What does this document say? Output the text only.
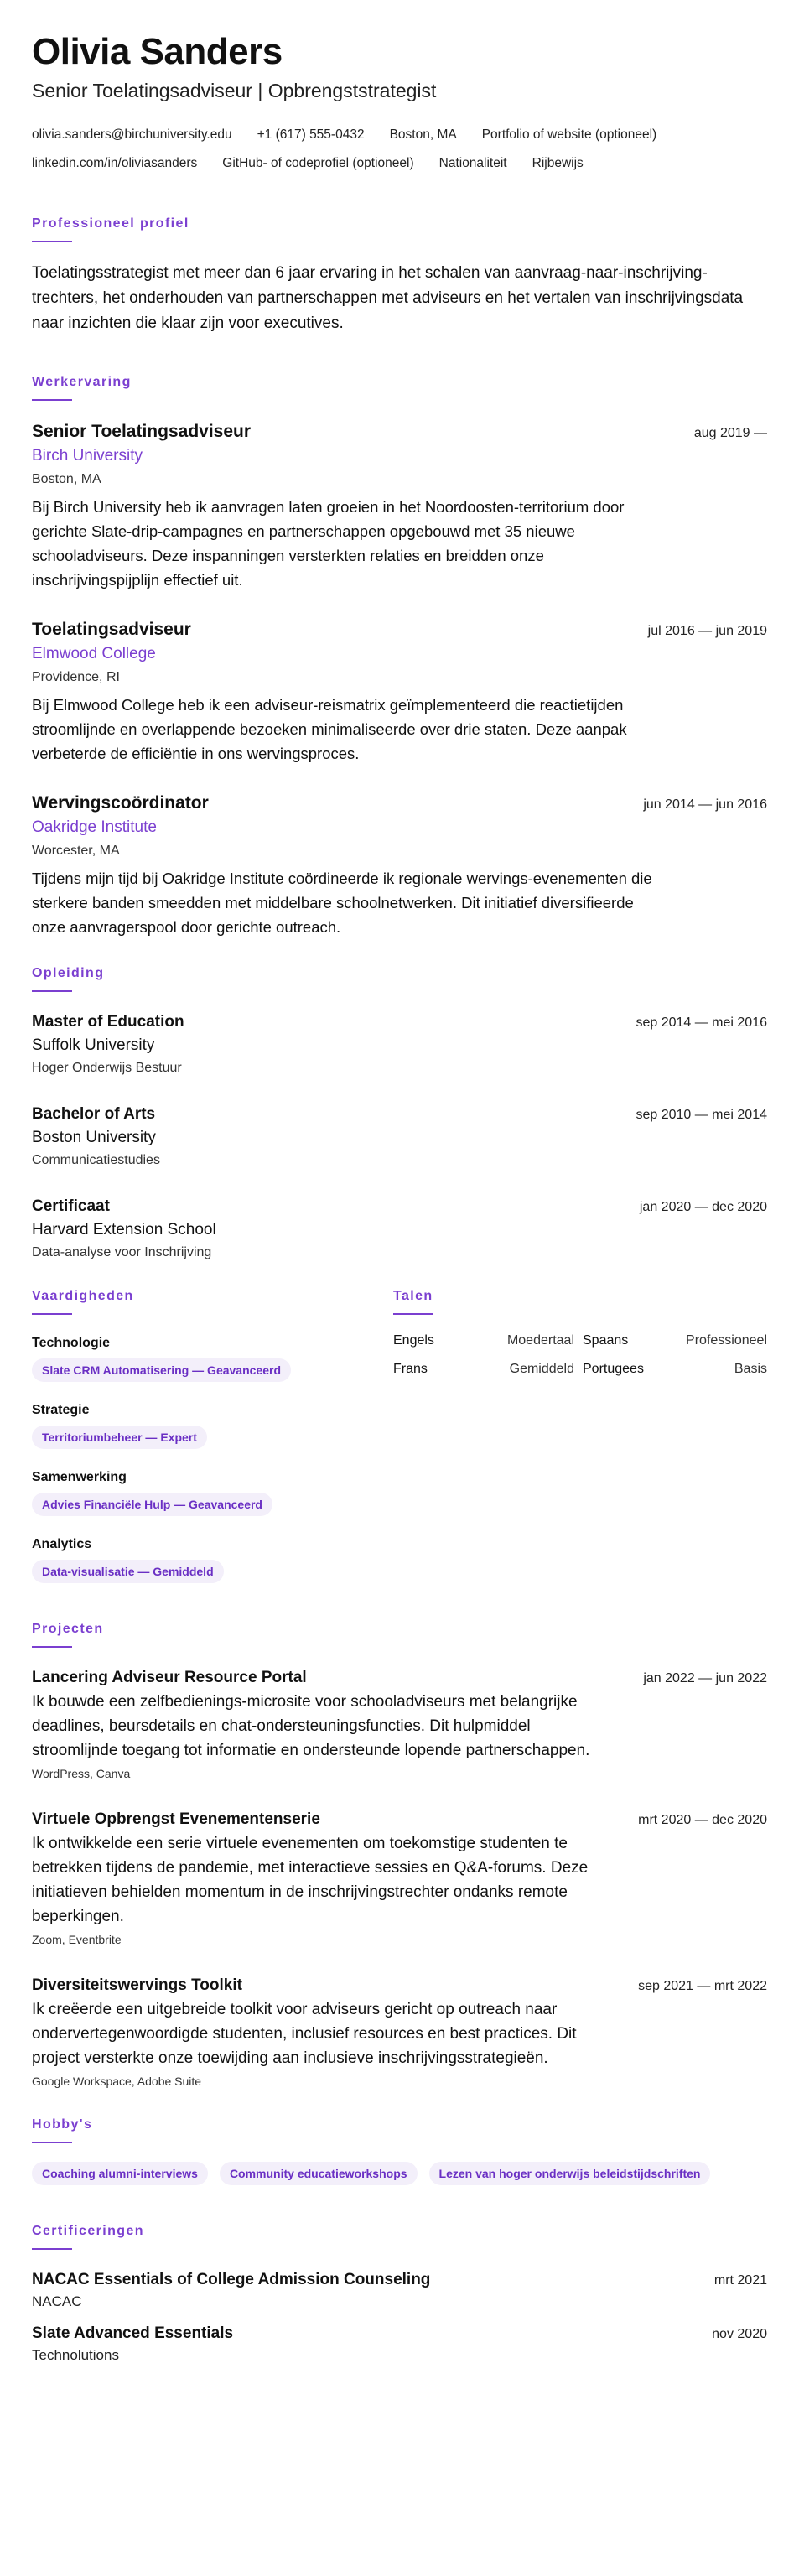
Olivia Sanders
Senior Toelatingsadviseur | Opbrengststrategist
olivia.sanders@birchuniversity.edu +1 (617) 555-0432 Boston, MA Portfolio of website (optioneel)
linkedin.com/in/oliviasanders GitHub- of codeprofiel (optioneel) Nationaliteit Rijbewijs
Professioneel profiel

Toelatingsstrategist met meer dan 6 jaar ervaring in het schalen van aanvraag-naar-inschrijving-trechters, het onderhouden van partnerschappen met adviseurs en het vertalen van inschrijvingsdata naar inzichten die klaar zijn voor executives.

Werkervaring
Senior Toelatingsadviseur	aug 2019 —
Birch University
Boston, MA

Bij Birch University heb ik aanvragen laten groeien in het Noordoosten-territorium door gerichte Slate-drip-campagnes en partnerschappen opgebouwd met 35 nieuwe schooladviseurs. Deze inspanningen versterkten relaties en breidden onze inschrijvingspijplijn effectief uit.

Toelatingsadviseur	jul 2016 — jun 2019
Elmwood College
Providence, RI

Bij Elmwood College heb ik een adviseur-reismatrix geïmplementeerd die reactietijden stroomlijnde en overlappende bezoeken minimaliseerde over drie staten. Deze aanpak verbeterde de efficiëntie in ons wervingsproces.

Wervingscoördinator	jun 2014 — jun 2016
Oakridge Institute
Worcester, MA

Tijdens mijn tijd bij Oakridge Institute coördineerde ik regionale wervings-evenementen die sterkere banden smeedden met middelbare schoolnetwerken. Dit initiatief diversifieerde onze aanvragerspool door gerichte outreach.

Opleiding
Master of Education	sep 2014 — mei 2016
Suffolk University
Hoger Onderwijs Bestuur
Bachelor of Arts	sep 2010 — mei 2014
Boston University
Communicatiestudies
Certificaat	jan 2020 — dec 2020
Harvard Extension School
Data-analyse voor Inschrijving
Vaardigheden
Technologie
Slate CRM Automatisering — Geavanceerd
Strategie
Territoriumbeheer — Expert
Samenwerking
Advies Financiële Hulp — Geavanceerd
Analytics
Data-visualisatie — Gemiddeld
Talen
Engels	Moedertaal Spaans	Professioneel
Frans	Gemiddeld Portugees	Basis
Projecten
Lancering Adviseur Resource Portal	jan 2022 — jun 2022

Ik bouwde een zelfbedienings-microsite voor schooladviseurs met belangrijke deadlines, beursdetails en chat-ondersteuningsfuncties. Dit hulpmiddel stroomlijnde toegang tot informatie en ondersteunde lopende partnerschappen.

WordPress, Canva
Virtuele Opbrengst Evenementenserie	mrt 2020 — dec 2020

Ik ontwikkelde een serie virtuele evenementen om toekomstige studenten te betrekken tijdens de pandemie, met interactieve sessies en Q&A-forums. Deze initiatieven behielden momentum in de inschrijvingstrechter ondanks remote beperkingen.

Zoom, Eventbrite
Diversiteitswervings Toolkit	sep 2021 — mrt 2022

Ik creëerde een uitgebreide toolkit voor adviseurs gericht op outreach naar ondervertegenwoordigde studenten, inclusief resources en best practices. Dit project versterkte onze toewijding aan inclusieve inschrijvingsstrategieën.

Google Workspace, Adobe Suite
Hobby's
Coaching alumni-interviews	Community educatieworkshops	Lezen van hoger onderwijs beleidstijdschriften
Certificeringen
NACAC Essentials of College Admission Counseling	mrt 2021
NACAC
Slate Advanced Essentials	nov 2020
Technolutions
